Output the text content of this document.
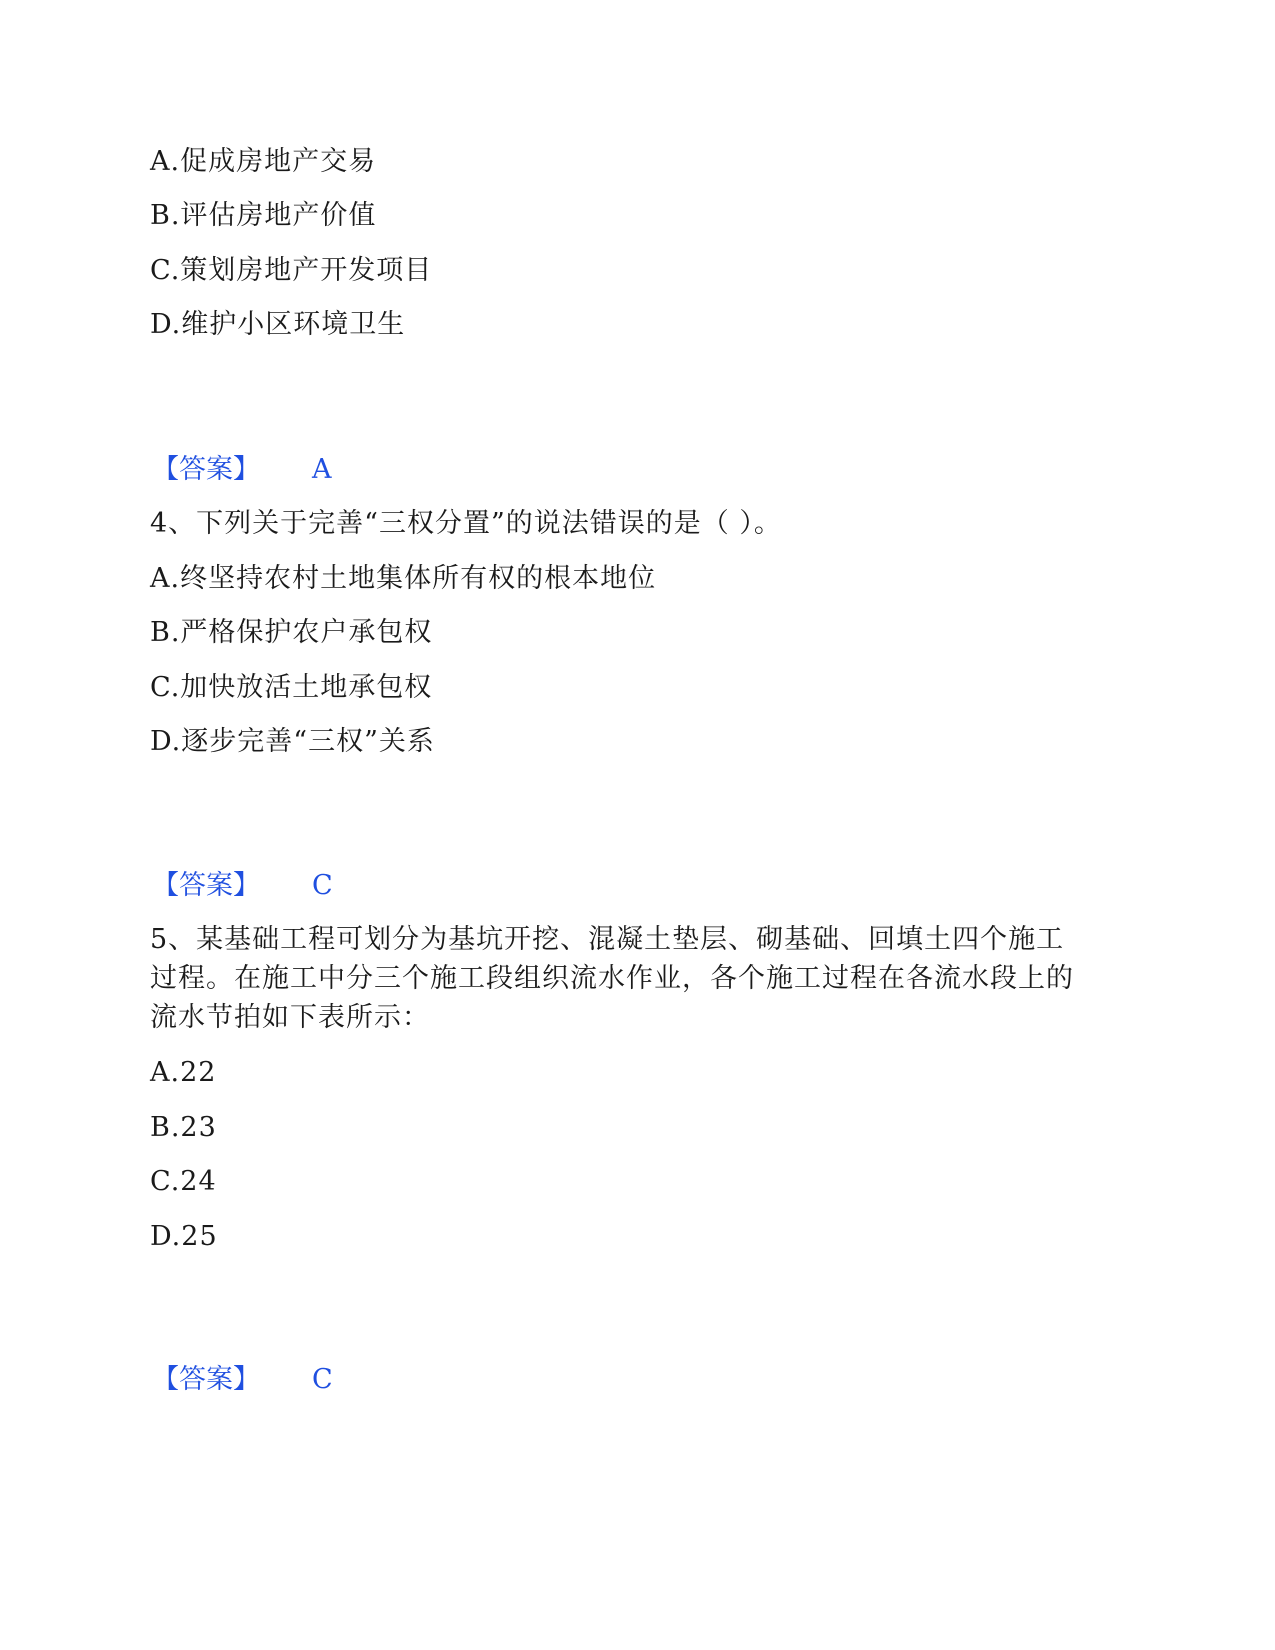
A.促成房地产交易
B.评估房地产价值
C.策划房地产开发项目
D.维护小区环境卫生
【答案】 A
4、下列关于完善“三权分置”的说法错误的是（ ）。
A.终坚持农村土地集体所有权的根本地位
B.严格保护农户承包权
C.加快放活土地承包权
D.逐步完善“三权”关系
【答案】 C
5、某基础工程可划分为基坑开挖、混凝土垫层、砌基础、回填土四个施工
过程。在施工中分三个施工段组织流水作业，各个施工过程在各流水段上的
流水节拍如下表所示：
A.22
B.23
C.24
D.25
【答案】 C
